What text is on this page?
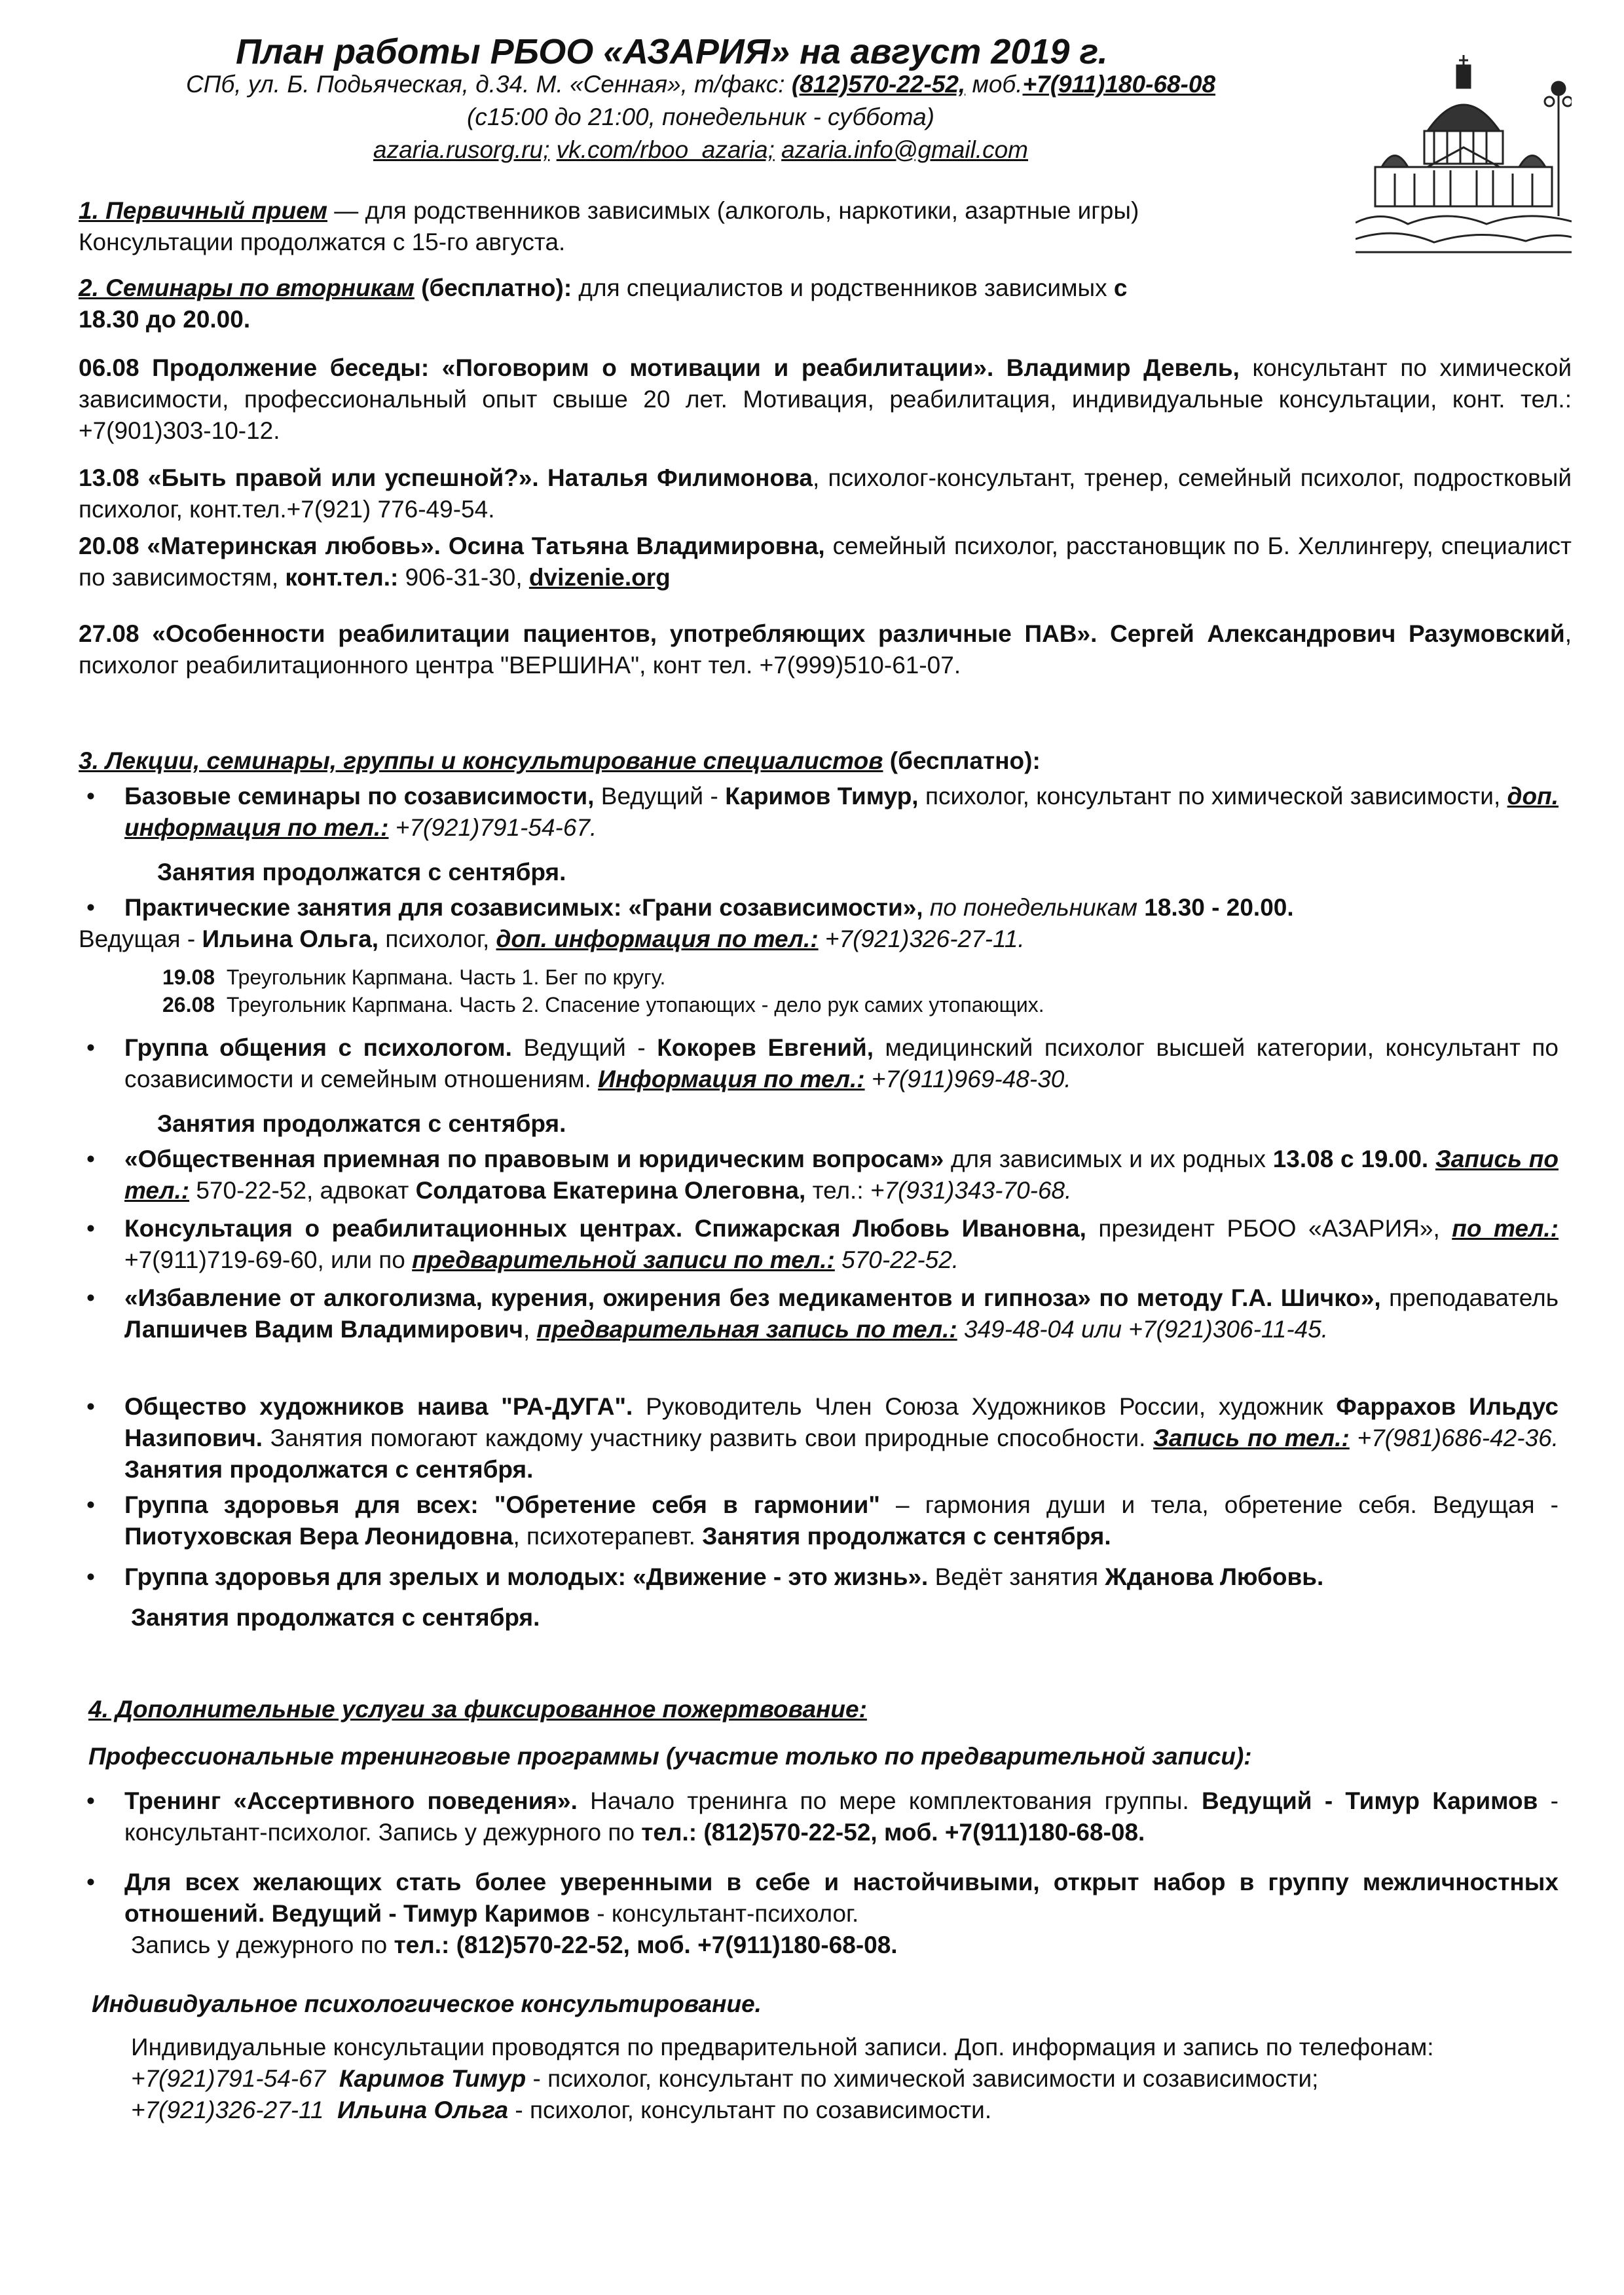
План работы РБОО «АЗАРИЯ» на август 2019 г.
СПб, ул. Б. Подьяческая, д.34. М. «Сенная», т/факс: (812)570-22-52, моб.+7(911)180-68-08
(с15:00 до 21:00, понедельник - суббота)
azaria.rusorg.ru; vk.com/rboo_azaria; azaria.info@gmail.com
1. Первичный прием — для родственников зависимых (алкоголь, наркотики, азартные игры)
Консультации продолжатся с 15-го августа.
2. Семинары по вторникам (бесплатно): для специалистов и родственников зависимых с
18.30 до 20.00.
06.08 Продолжение беседы: «Поговорим о мотивации и реабилитации». Владимир Девель, консультант по химической зависимости, профессиональный опыт свыше 20 лет. Мотивация, реабилитация, индивидуальные консультации, конт. тел.: +7(901)303-10-12.
13.08 «Быть правой или успешной?». Наталья Филимонова, психолог-консультант, тренер, семейный психолог, подростковый психолог, конт.тел.+7(921) 776-49-54.
20.08 «Материнская любовь». Осина Татьяна Владимировна, семейный психолог, расстановщик по Б. Хеллингеру, специалист по зависимостям, конт.тел.: 906-31-30, dvizenie.org
27.08 «Особенности реабилитации пациентов, употребляющих различные ПАВ». Сергей Александрович Разумовский, психолог реабилитационного центра "ВЕРШИНА", конт тел. +7(999)510-61-07.
3. Лекции, семинары, группы и консультирование специалистов (бесплатно):
• Базовые семинары по созависимости, Ведущий - Каримов Тимур, психолог, консультант по химической зависимости, доп. информация по тел.: +7(921)791-54-67.
Занятия продолжатся с сентября.
• Практические занятия для созависимых: «Грани созависимости», по понедельникам 18.30 - 20.00.
Ведущая - Ильина Ольга, психолог, доп. информация по тел.: +7(921)326-27-11.
19.08 Треугольник Карпмана. Часть 1. Бег по кругу.
26.08 Треугольник Карпмана. Часть 2. Спасение утопающих - дело рук самих утопающих.
• Группа общения с психологом. Ведущий - Кокорев Евгений, медицинский психолог высшей категории, консультант по созависимости и семейным отношениям. Информация по тел.: +7(911)969-48-30.
Занятия продолжатся с сентября.
• «Общественная приемная по правовым и юридическим вопросам» для зависимых и их родных 13.08 с 19.00. Запись по тел.: 570-22-52, адвокат Солдатова Екатерина Олеговна, тел.: +7(931)343-70-68.
• Консультация о реабилитационных центрах. Спижарская Любовь Ивановна, президент РБОО «АЗАРИЯ», по тел.: +7(911)719-69-60, или по предварительной записи по тел.: 570-22-52.
• «Избавление от алкоголизма, курения, ожирения без медикаментов и гипноза» по методу Г.А. Шичко», преподаватель Лапшичев Вадим Владимирович, предварительная запись по тел.: 349-48-04 или +7(921)306-11-45.
• Общество художников наива "РА-ДУГА". Руководитель Член Союза Художников России, художник Фаррахов Ильдус Назипович. Занятия помогают каждому участнику развить свои природные способности. Запись по тел.: +7(981)686-42-36. Занятия продолжатся с сентября.
• Группа здоровья для всех: "Обретение себя в гармонии" – гармония души и тела, обретение себя. Ведущая - Пиотуховская Вера Леонидовна, психотерапевт. Занятия продолжатся с сентября.
• Группа здоровья для зрелых и молодых: «Движение - это жизнь». Ведёт занятия Жданова Любовь.
Занятия продолжатся с сентября.
4. Дополнительные услуги за фиксированное пожертвование:
Профессиональные тренинговые программы (участие только по предварительной записи):
• Тренинг «Ассертивного поведения». Начало тренинга по мере комплектования группы. Ведущий - Тимур Каримов - консультант-психолог. Запись у дежурного по тел.: (812)570-22-52, моб. +7(911)180-68-08.
• Для всех желающих стать более уверенными в себе и настойчивыми, открыт набор в группу межличностных отношений. Ведущий - Тимур Каримов - консультант-психолог.
Запись у дежурного по тел.: (812)570-22-52, моб. +7(911)180-68-08.
Индивидуальное психологическое консультирование.
Индивидуальные консультации проводятся по предварительной записи. Доп. информация и запись по телефонам:
+7(921)791-54-67 Каримов Тимур - психолог, консультант по химической зависимости и созависимости;
+7(921)326-27-11 Ильина Ольга - психолог, консультант по созависимости.
